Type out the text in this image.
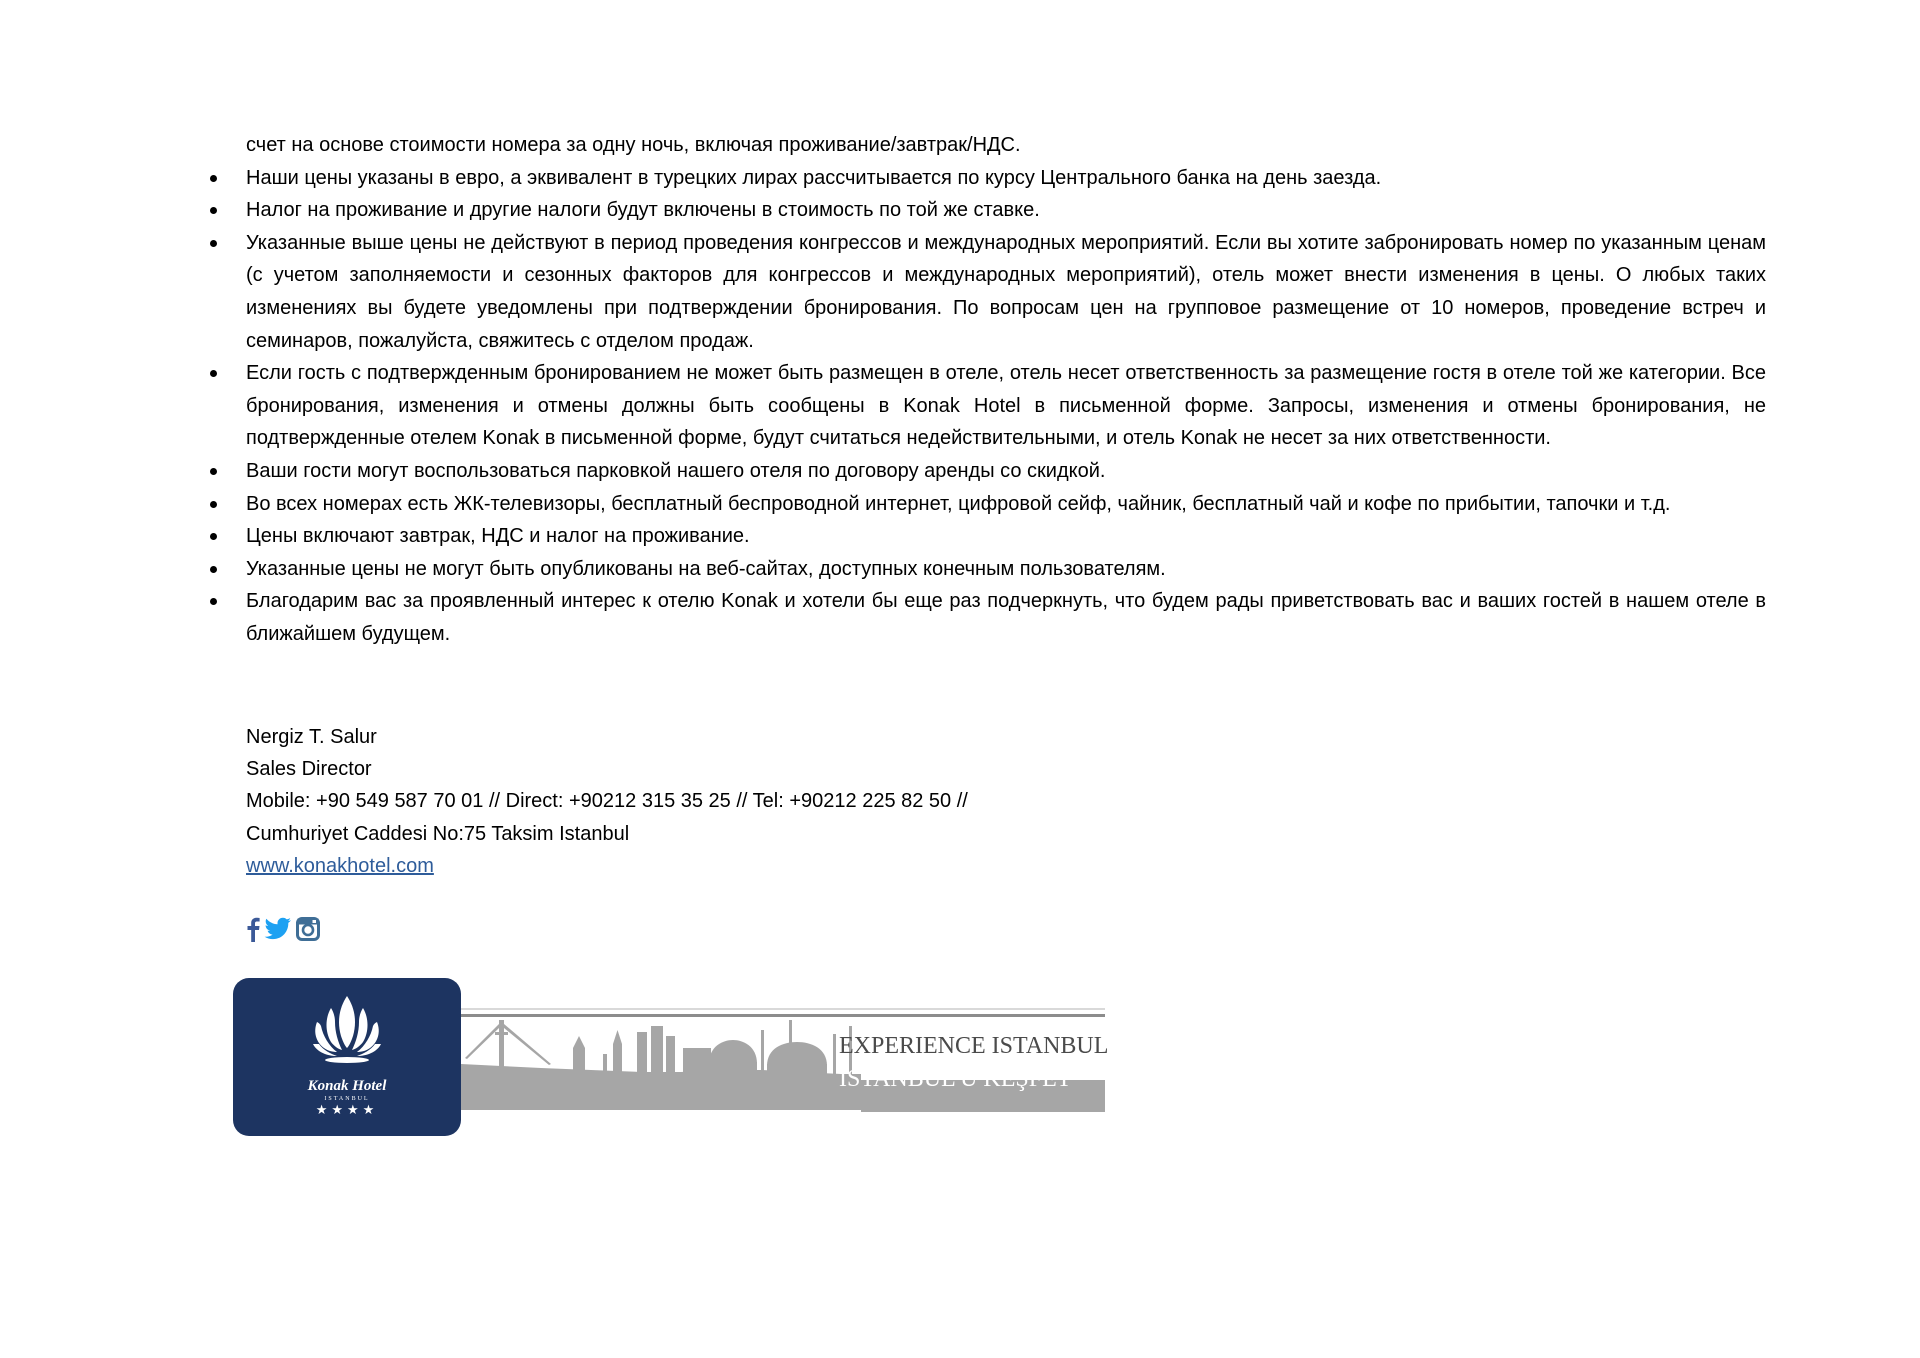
счет на основе стоимости номера за одну ночь, включая проживание/завтрак/НДС.

Наши цены указаны в евро, а эквивалент в турецких лирах рассчитывается по курсу Центрального банка на день заезда.
Налог на проживание и другие налоги будут включены в стоимость по той же ставке.
Указанные выше цены не действуют в период проведения конгрессов и международных мероприятий. Если вы хотите забронировать номер по указанным ценам (с учетом заполняемости и сезонных факторов для конгрессов и международных мероприятий), отель может внести изменения в цены. О любых таких изменениях вы будете уведомлены при подтверждении бронирования. По вопросам цен на групповое размещение от 10 номеров, проведение встреч и семинаров, пожалуйста, свяжитесь с отделом продаж.
Если гость с подтвержденным бронированием не может быть размещен в отеле, отель несет ответственность за размещение гостя в отеле той же категории. Все бронирования, изменения и отмены должны быть сообщены в Konak Hotel в письменной форме. Запросы, изменения и отмены бронирования, не подтвержденные отелем Konak в письменной форме, будут считаться недействительными, и отель Konak не несет за них ответственности.
Ваши гости могут воспользоваться парковкой нашего отеля по договору аренды со скидкой.
Во всех номерах есть ЖК-телевизоры, бесплатный беспроводной интернет, цифровой сейф, чайник, бесплатный чай и кофе по прибытии, тапочки и т.д.
Цены включают завтрак, НДС и налог на проживание.
Указанные цены не могут быть опубликованы на веб-сайтах, доступных конечным пользователям.
Благодарим вас за проявленный интерес к отелю Konak и хотели бы еще раз подчеркнуть, что будем рады приветствовать вас и ваших гостей в нашем отеле в ближайшем будущем.
Nergiz T. Salur
Sales Director
Mobile: +90 549 587 70 01 // Direct: +90212 315 35 25 // Tel: +90212 225 82 50 //
Cumhuriyet Caddesi No:75 Taksim Istanbul
www.konakhotel.com
Konak Hotel
ISTANBUL
★★★★
EXPERIENCE ISTANBUL
İSTANBUL'U KEŞFET
